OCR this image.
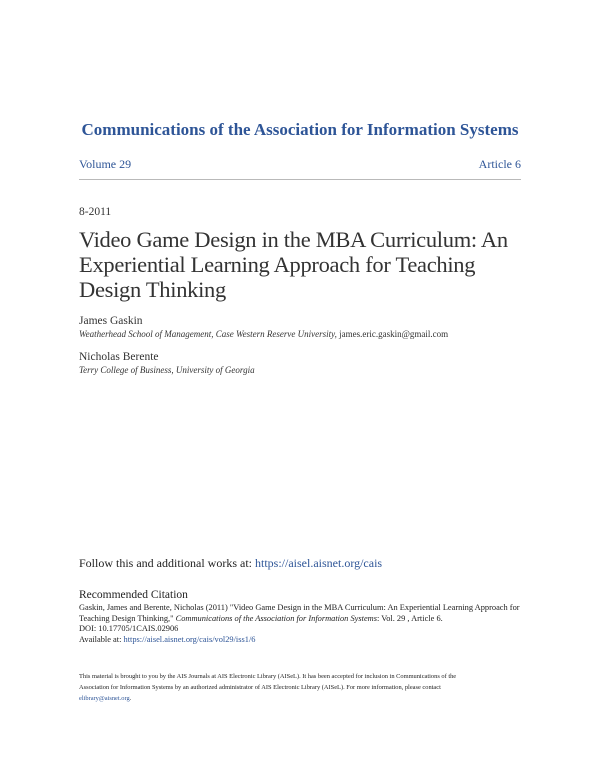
Communications of the Association for Information Systems
Volume 29	Article 6
8-2011
Video Game Design in the MBA Curriculum: An
Experiential Learning Approach for Teaching
Design Thinking
James Gaskin
Weatherhead School of Management, Case Western Reserve University, james.eric.gaskin@gmail.com
Nicholas Berente
Terry College of Business, University of Georgia
Follow this and additional works at: https://aisel.aisnet.org/cais
Recommended Citation
Gaskin, James and Berente, Nicholas (2011) "Video Game Design in the MBA Curriculum: An Experiential Learning Approach for
Teaching Design Thinking," Communications of the Association for Information Systems: Vol. 29 , Article 6.
DOI: 10.17705/1CAIS.02906
Available at: https://aisel.aisnet.org/cais/vol29/iss1/6
This material is brought to you by the AIS Journals at AIS Electronic Library (AISeL). It has been accepted for inclusion in Communications of the
Association for Information Systems by an authorized administrator of AIS Electronic Library (AISeL). For more information, please contact
elibrary@aisnet.org.
